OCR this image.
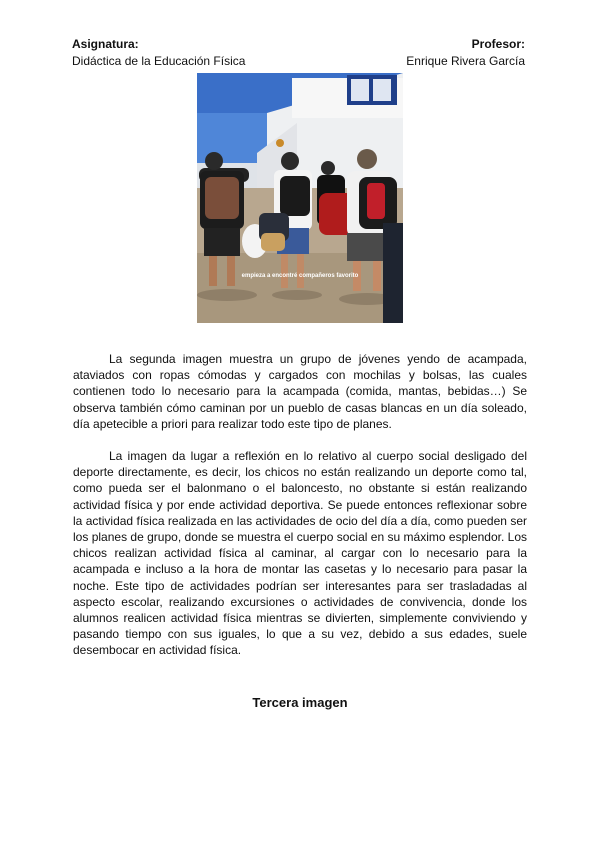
Asignatura:
Didáctica de la Educación Física
Profesor:
Enrique Rivera García
empieza a encontré compañeros favorito

La segunda imagen muestra un grupo de jóvenes yendo de acampada, ataviados con ropas cómodas y cargados con mochilas y bolsas, las cuales contienen todo lo necesario para la acampada (comida, mantas, bebidas…) Se observa también cómo caminan por un pueblo de casas blancas en un día soleado, día apetecible a priori para realizar todo este tipo de planes.

La imagen da lugar a reflexión en lo relativo al cuerpo social desligado del deporte directamente, es decir, los chicos no están realizando un deporte como tal, como pueda ser el balonmano o el baloncesto, no obstante si están realizando actividad física y por ende actividad deportiva. Se puede entonces reflexionar sobre la actividad física realizada en las actividades de ocio del día a día, como pueden ser los planes de grupo, donde se muestra el cuerpo social en su máximo esplendor. Los chicos realizan actividad física al caminar, al cargar con lo necesario para la acampada e incluso a la hora de montar las casetas y lo necesario para pasar la noche. Este tipo de actividades podrían ser interesantes para ser trasladadas al aspecto escolar, realizando excursiones o actividades de convivencia, donde los alumnos realicen actividad física mientras se divierten, simplemente conviviendo y pasando tiempo con sus iguales, lo que a su vez, debido a sus edades, suele desembocar en actividad física.

Tercera imagen
